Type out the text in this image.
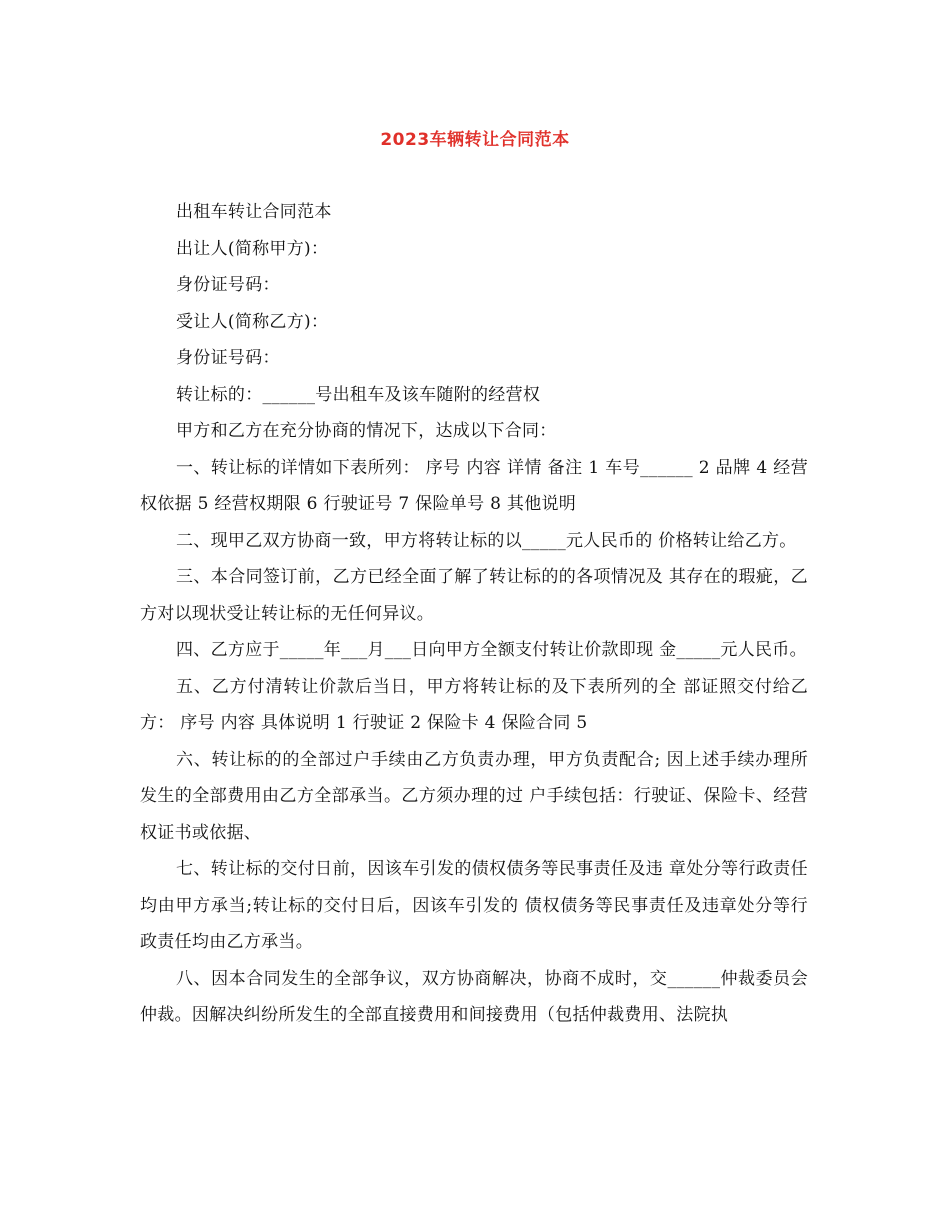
2023车辆转让合同范本

出租车转让合同范本

出让人(简称甲方)：

身份证号码：

受让人(简称乙方)：

身份证号码：

转让标的：______号出租车及该车随附的经营权

甲方和乙方在充分协商的情况下，达成以下合同：

一、转让标的详情如下表所列： 序号 内容 详情 备注 1 车号______ 2 品牌 4 经营权依据 5 经营权期限 6 行驶证号 7 保险单号 8 其他说明

二、现甲乙双方协商一致，甲方将转让标的以_____元人民币的 价格转让给乙方。

三、本合同签订前，乙方已经全面了解了转让标的的各项情况及 其存在的瑕疵，乙方对以现状受让转让标的无任何异议。

四、乙方应于_____年___月___日向甲方全额支付转让价款即现 金_____元人民币。

五、乙方付清转让价款后当日，甲方将转让标的及下表所列的全 部证照交付给乙方： 序号 内容 具体说明 1 行驶证 2 保险卡 4 保险合同 5

六、转让标的的全部过户手续由乙方负责办理，甲方负责配合; 因上述手续办理所发生的全部费用由乙方全部承当。乙方须办理的过 户手续包括：行驶证、保险卡、经营权证书或依据、

七、转让标的交付日前，因该车引发的债权债务等民事责任及违 章处分等行政责任均由甲方承当;转让标的交付日后，因该车引发的 债权债务等民事责任及违章处分等行政责任均由乙方承当。

八、因本合同发生的全部争议，双方协商解决，协商不成时，交______仲裁委员会仲裁。因解决纠纷所发生的全部直接费用和间接费用（包括仲裁费用、法院执
